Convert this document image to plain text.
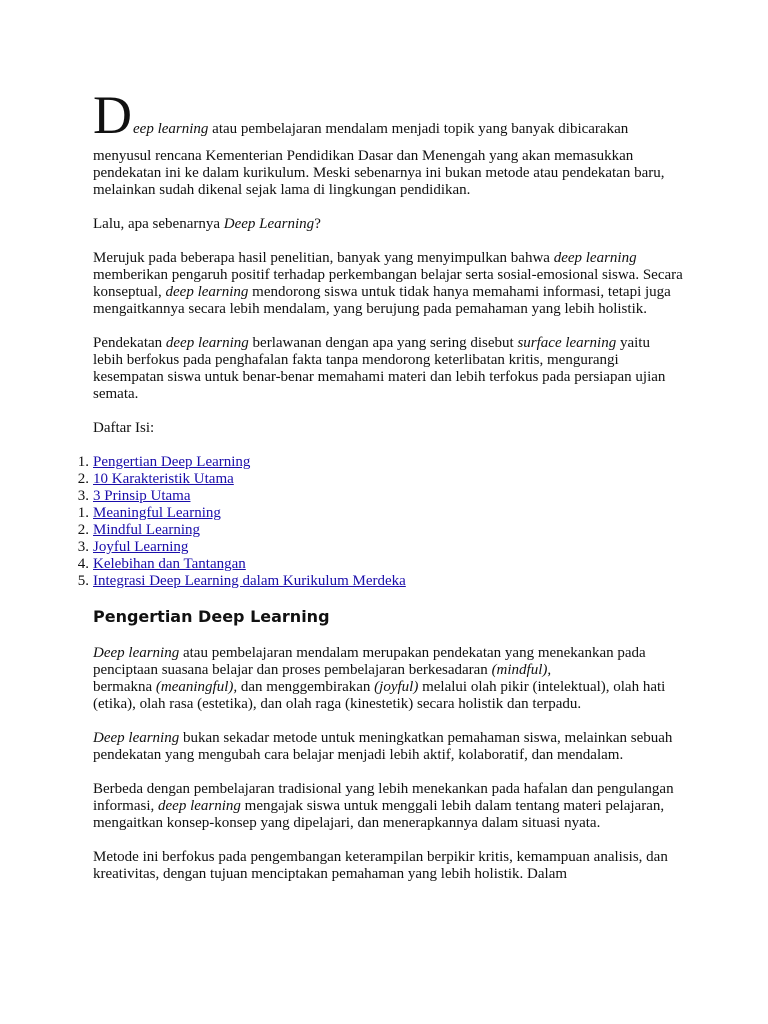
D eep learning atau pembelajaran mendalam menjadi topik yang banyak dibicarakan
menyusul rencana Kementerian Pendidikan Dasar dan Menengah yang akan memasukkan pendekatan ini ke dalam kurikulum. Meski sebenarnya ini bukan metode atau pendekatan baru, melainkan sudah dikenal sejak lama di lingkungan pendidikan.

Lalu, apa sebenarnya Deep Learning?

Merujuk pada beberapa hasil penelitian, banyak yang menyimpulkan bahwa deep learning memberikan pengaruh positif terhadap perkembangan belajar serta sosial-emosional siswa. Secara konseptual, deep learning mendorong siswa untuk tidak hanya memahami informasi, tetapi juga mengaitkannya secara lebih mendalam, yang berujung pada pemahaman yang lebih holistik.

Pendekatan deep learning berlawanan dengan apa yang sering disebut surface learning yaitu lebih berfokus pada penghafalan fakta tanpa mendorong keterlibatan kritis, mengurangi kesempatan siswa untuk benar-benar memahami materi dan lebih terfokus pada persiapan ujian semata.

Daftar Isi:

1. Pengertian Deep Learning
2. 10 Karakteristik Utama
3. 3 Prinsip Utama
1. Meaningful Learning
2. Mindful Learning
3. Joyful Learning
4. Kelebihan dan Tantangan
5. Integrasi Deep Learning dalam Kurikulum Merdeka
Pengertian Deep Learning

Deep learning atau pembelajaran mendalam merupakan pendekatan yang menekankan pada penciptaan suasana belajar dan proses pembelajaran berkesadaran (mindful),
bermakna (meaningful), dan menggembirakan (joyful) melalui olah pikir (intelektual), olah hati (etika), olah rasa (estetika), dan olah raga (kinestetik) secara holistik dan terpadu.

Deep learning bukan sekadar metode untuk meningkatkan pemahaman siswa, melainkan sebuah pendekatan yang mengubah cara belajar menjadi lebih aktif, kolaboratif, dan mendalam.

Berbeda dengan pembelajaran tradisional yang lebih menekankan pada hafalan dan pengulangan informasi, deep learning mengajak siswa untuk menggali lebih dalam tentang materi pelajaran, mengaitkan konsep-konsep yang dipelajari, dan menerapkannya dalam situasi nyata.

Metode ini berfokus pada pengembangan keterampilan berpikir kritis, kemampuan analisis, dan kreativitas, dengan tujuan menciptakan pemahaman yang lebih holistik. Dalam
